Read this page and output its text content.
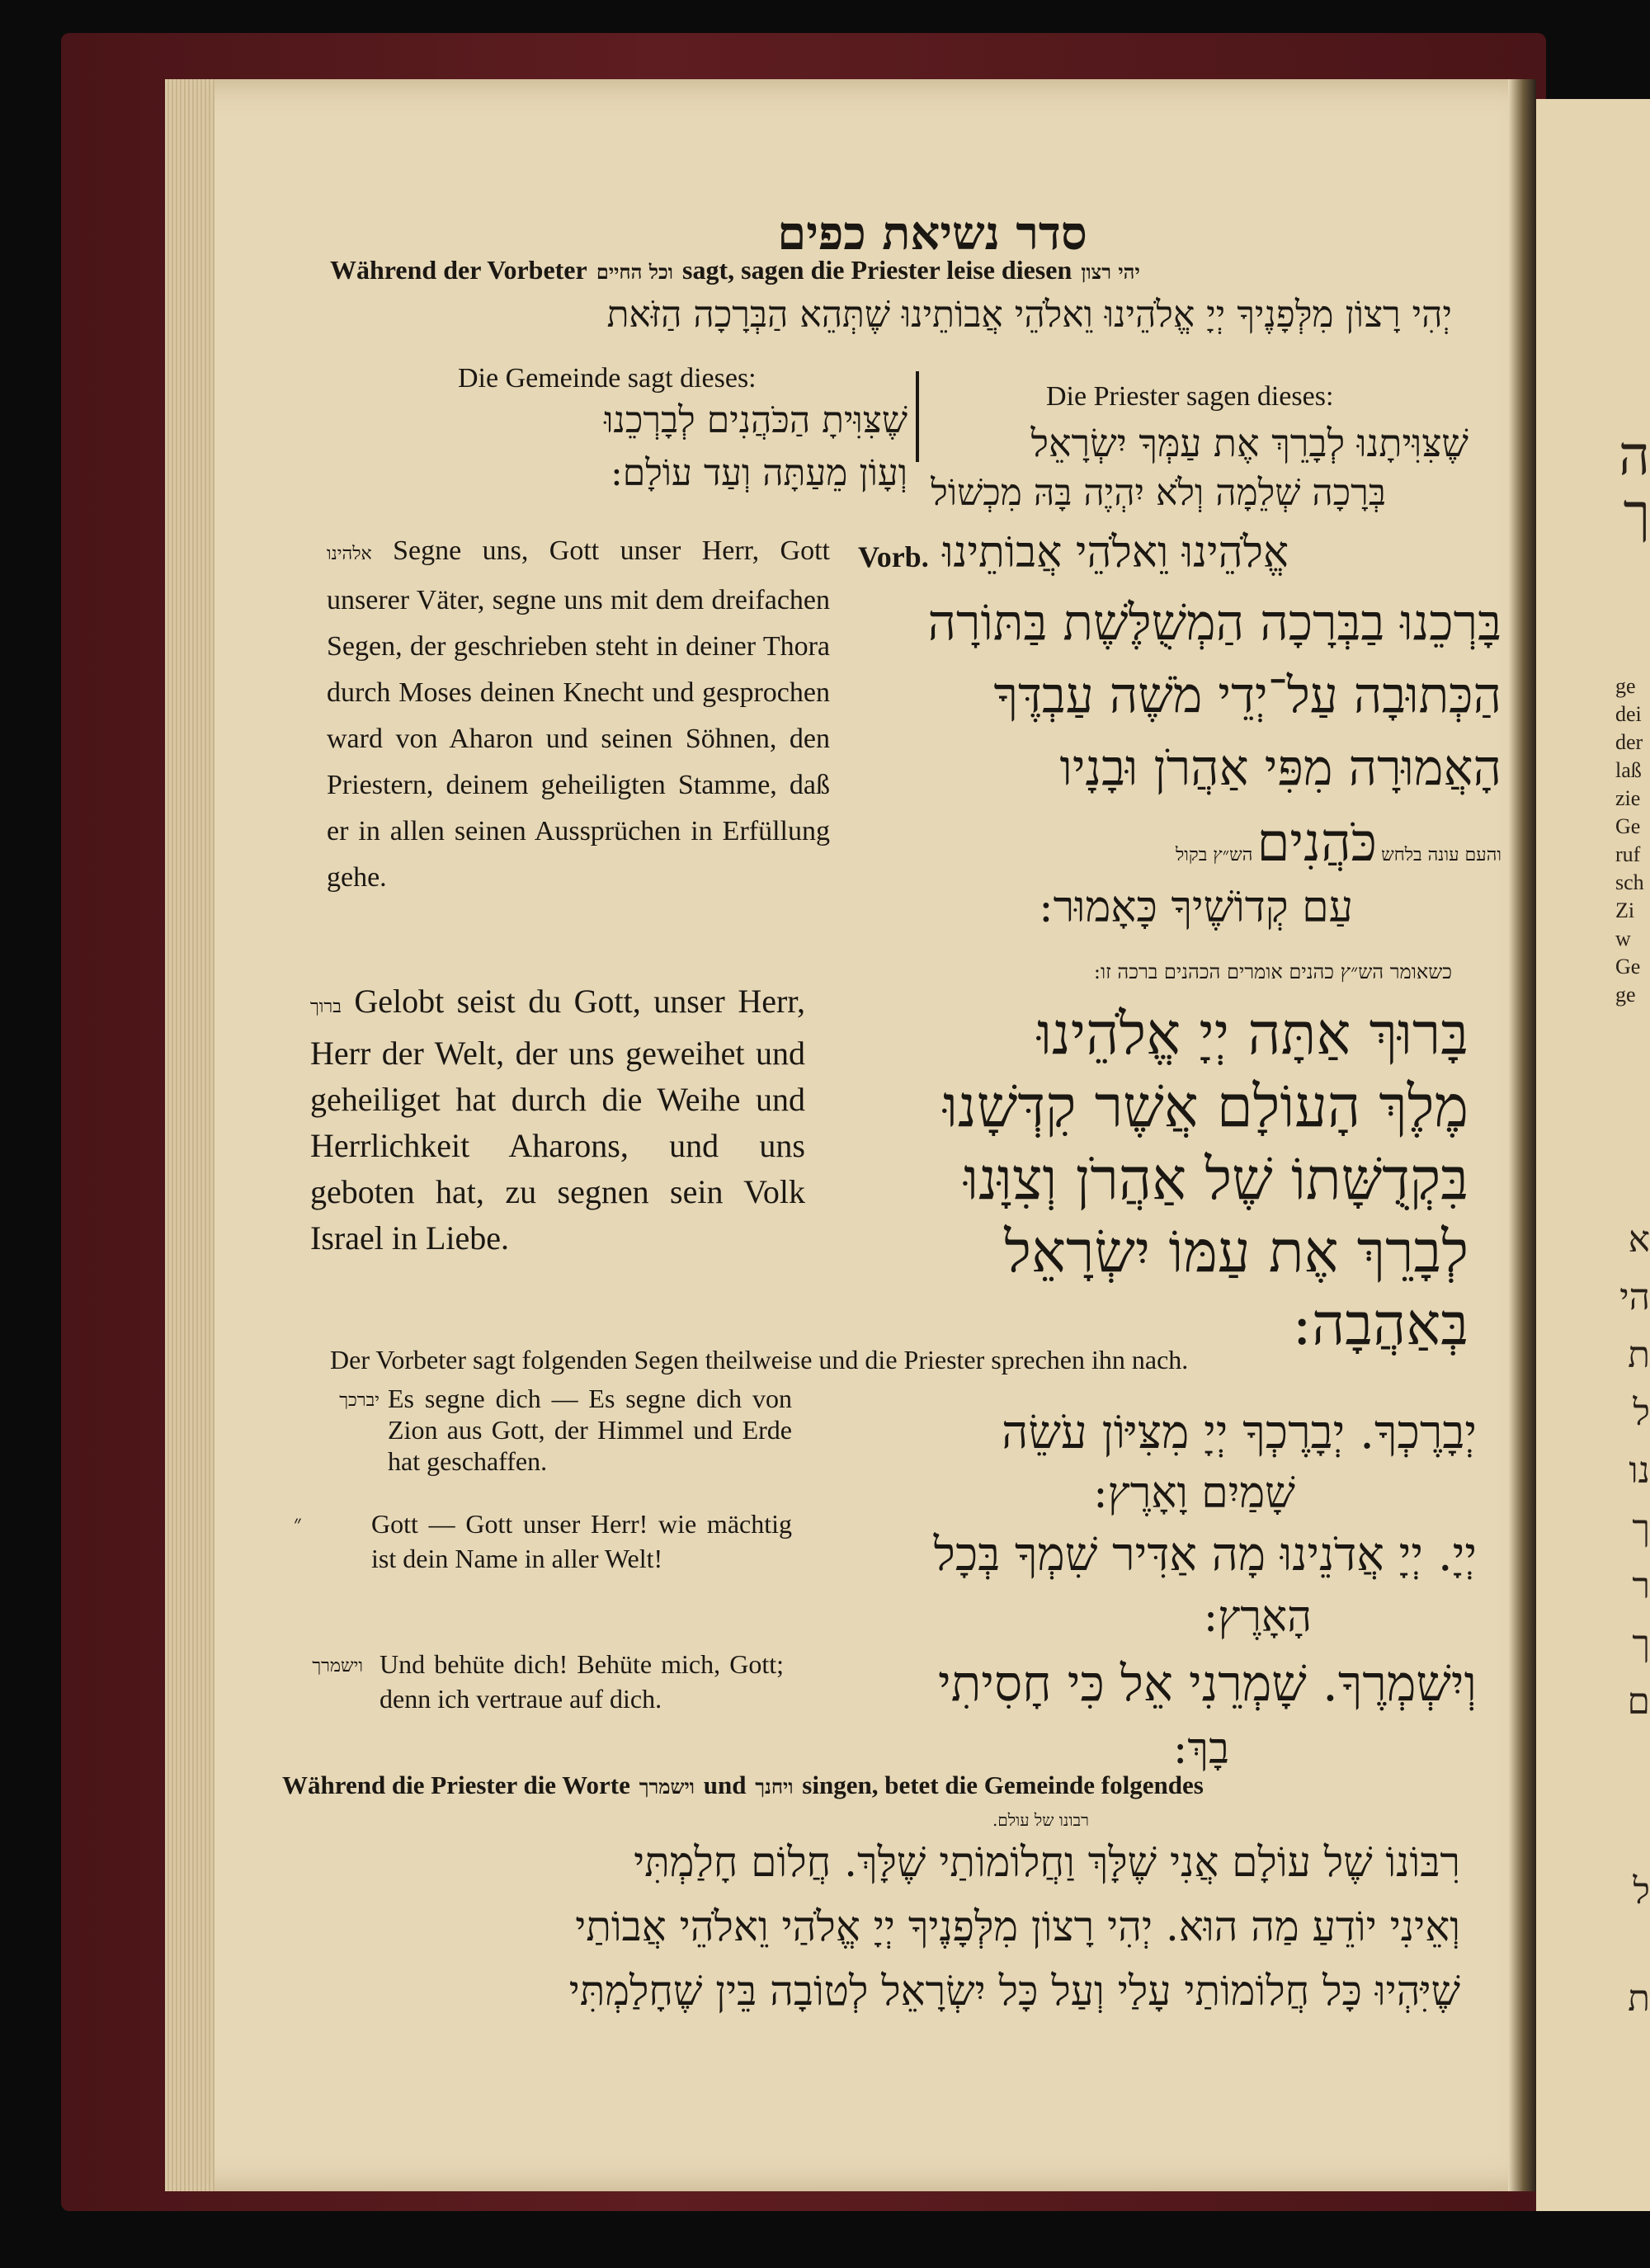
ה
ך
ge
dei
der
laß
zie
Ge
ruf
sch
Zi
w
Ge
ge
א
הי
ת
ל
נו
ך
ר
ך
ם
ל
ת
סדר נשיאת כפים
Während der Vorbeter וכל החיים sagt, sagen die Priester leise diesen יהי רצון
יְהִי רָצוֹן מִלְּפָנֶיךָ יְיָ אֱלֹהֵינוּ וֵאלֹהֵי אֲבוֹתֵינוּ שֶׁתְּהֵא הַבְּרָכָה הַזֹּאת
Die Gemeinde sagt dieses:
שֶׁצִּוִּיתָ הַכֹּהֲנִים לְבָרְכֵנוּ
וְעָוֹן מֵעַתָּה וְעַד עוֹלָם:
Die Priester sagen dieses:
שֶׁצִּוִּיתָנוּ לְבָרֵךְ אֶת עַמְּךָ יִשְׂרָאֵל
בְּרָכָה שְׁלֵמָה וְלֹא יִהְיֶה בָּהּ מִכְשׁוֹל
Vorb. אֱלֹהֵינוּ וֵאלֹהֵי אֲבוֹתֵינוּ
בָּרְכֵנוּ בַבְּרָכָה הַמְשֻׁלֶּשֶׁת בַּתּוֹרָה
הַכְּתוּבָה עַל־יְדֵי מֹשֶׁה עַבְדֶּךָ
הָאֲמוּרָה מִפִּי אַהֲרֹן וּבָנָיו
והעם עונה בלחש כֹּהֲנִים הש״ץ בקול
עַם קְדוֹשֶׁיךָ כָּאָמוּר:
אלהינו Segne uns, Gott unser Herr, Gott unserer Väter, segne uns mit dem dreifachen Segen, der geschrieben steht in deiner Thora durch Moses deinen Knecht und gesprochen ward von Aharon und seinen Söhnen, den Priestern, deinem geheiligten Stamme, daß er in allen seinen Aussprüchen in Erfüllung gehe.
כשאומר הש״ץ כהנים אומרים הכהנים ברכה זו:
בָּרוּךְ אַתָּה יְיָ אֱלֹהֵינוּ
מֶלֶךְ הָעוֹלָם אֲשֶׁר קִדְּשָׁנוּ
בִּקְדֻשָּׁתוֹ שֶׁל אַהֲרֹן וְצִוָּנוּ
לְבָרֵךְ אֶת עַמּוֹ יִשְׂרָאֵל
בְּאַהֲבָה:
ברוך Gelobt seist du Gott, unser Herr, Herr der Welt, der uns geweihet und geheiliget hat durch die Weihe und Herrlichkeit Aharons, und uns geboten hat, zu segnen sein Volk Israel in Liebe.
Der Vorbeter sagt folgenden Segen theilweise und die Priester sprechen ihn nach.
יברכך Es segne dich — Es segne dich von Zion aus Gott, der Himmel und Erde hat geschaffen.
״	Gott — Gott unser Herr! wie mächtig ist dein Name in aller Welt!
וישמרך Und behüte dich! Behüte mich, Gott; denn ich vertraue auf dich.
יְבָרֶכְךָ. יְבָרֶכְךָ יְיָ מִצִּיּוֹן עֹשֵׂה
שָׁמַיִם וָאָרֶץ:
יְיָ. יְיָ אֲדֹנֵינוּ מָה אַדִּיר שִׁמְךָ בְּכָל
הָאָרֶץ:
וְיִשְׁמְרֶךָ. שָׁמְרֵנִי אֵל כִּי חָסִיתִי
בָךְ:
Während die Priester die Worte וישמרך und ויחנך singen, betet die Gemeinde folgendes
רבונו של עולם.
רִבּוֹנוֹ שֶׁל עוֹלָם אֲנִי שֶׁלָּךְ וַחֲלוֹמוֹתַי שֶׁלָּךְ. חֲלוֹם חָלַמְתִּי
וְאֵינִי יוֹדֵעַ מַה הוּא. יְהִי רָצוֹן מִלְּפָנֶיךָ יְיָ אֱלֹהַי וֵאלֹהֵי אֲבוֹתַי
שֶׁיִּהְיוּ כָּל חֲלוֹמוֹתַי עָלַי וְעַל כָּל יִשְׂרָאֵל לְטוֹבָה בֵּין שֶׁחָלַמְתִּי
